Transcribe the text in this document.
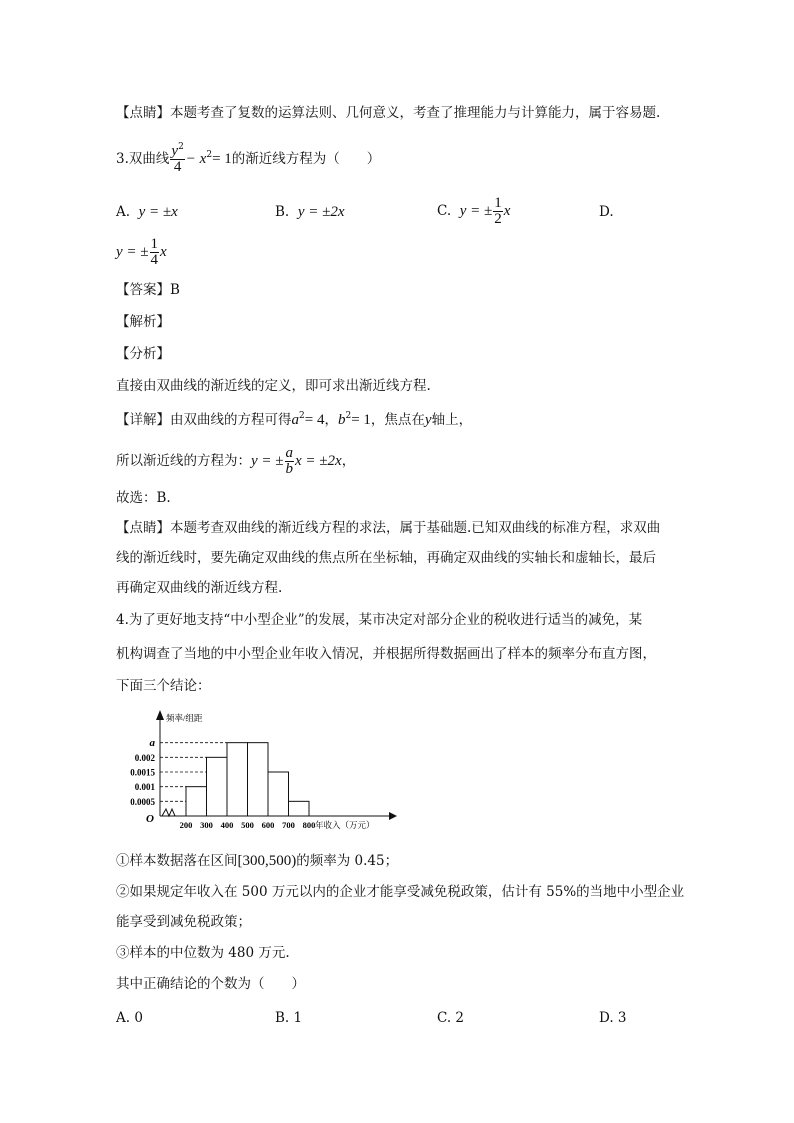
【点睛】本题考查了复数的运算法则、几何意义，考查了推理能力与计算能力，属于容易题.
3.双曲线 $\frac{y^2}{4} - x^2= 1$的渐近线方程为（　　）
A. y = ±x	B. y = ±2x	C. y = ± $\frac{1}{2}$ x	D.
y = ± $\frac{1}{4}$ x
【答案】B
【解析】
【分析】
直接由双曲线的渐近线的定义，即可求出渐近线方程.
【详解】由双曲线的方程可得$a^2= 4$，$b^2= 1$，焦点在y轴上，
所以渐近线的方程为：y = ± $\frac{a}{b}$ x = ±2x，
故选：B.
【点睛】本题考查双曲线的渐近线方程的求法，属于基础题.已知双曲线的标准方程，求双曲
线的渐近线时，要先确定双曲线的焦点所在坐标轴，再确定双曲线的实轴长和虚轴长，最后
再确定双曲线的渐近线方程.
4.为了更好地支持“中小型企业”的发展，某市决定对部分企业的税收进行适当的减免，某
机构调查了当地的中小型企业年收入情况，并根据所得数据画出了样本的频率分布直方图，
下面三个结论：
a
0.002
0.0015
0.001
0.0005
200 300 400 500 600 700 800
O
频率/组距
年收入（万元）
①样本数据落在区间[300,500)的频率为 0.45；
②如果规定年收入在 500 万元以内的企业才能享受减免税政策，估计有 55%的当地中小型企业
能享受到减免税政策；
③样本的中位数为 480 万元.
其中正确结论的个数为（　　）
A. 0	B. 1	C. 2	D. 3
